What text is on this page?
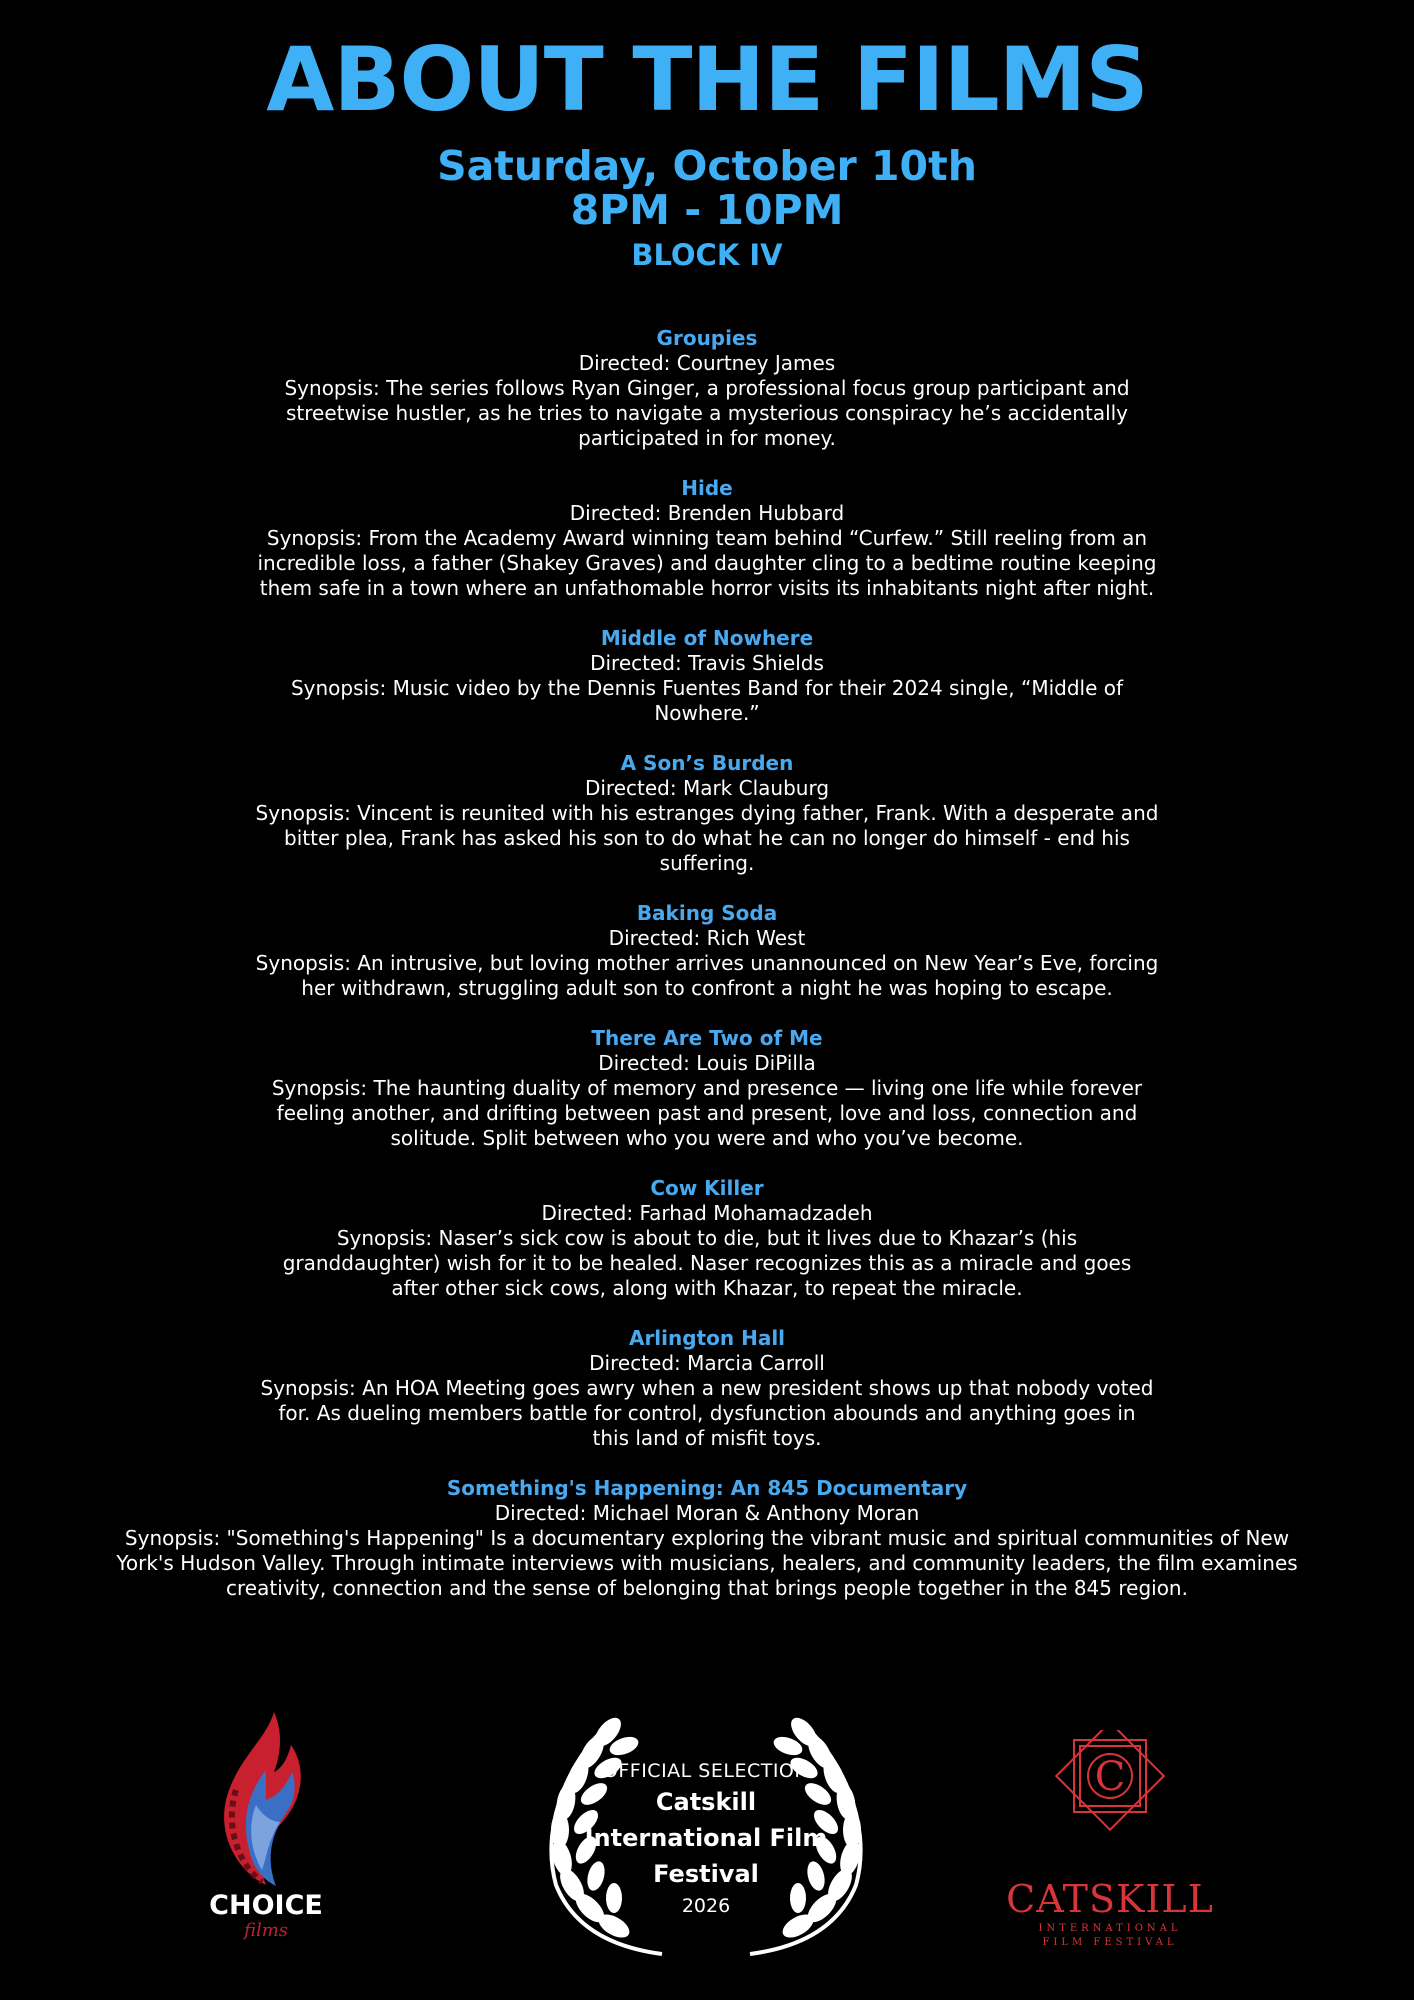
ABOUT THE FILMS
Saturday, October 10th
8PM - 10PM
BLOCK IV
Groupies
Directed: Courtney James
Synopsis: The series follows Ryan Ginger, a professional focus group participant and streetwise hustler, as he tries to navigate a mysterious conspiracy he’s accidentally participated in for money.
Hide
Directed: Brenden Hubbard
Synopsis: From the Academy Award winning team behind “Curfew.” Still reeling from an incredible loss, a father (Shakey Graves) and daughter cling to a bedtime routine keeping them safe in a town where an unfathomable horror visits its inhabitants night after night.
Middle of Nowhere
Directed: Travis Shields
Synopsis: Music video by the Dennis Fuentes Band for their 2024 single, “Middle of Nowhere.”
A Son’s Burden
Directed: Mark Clauburg
Synopsis: Vincent is reunited with his estranges dying father, Frank. With a desperate and bitter plea, Frank has asked his son to do what he can no longer do himself - end his suffering.
Baking Soda
Directed: Rich West
Synopsis: An intrusive, but loving mother arrives unannounced on New Year’s Eve, forcing her withdrawn, struggling adult son to confront a night he was hoping to escape.
There Are Two of Me
Directed: Louis DiPilla
Synopsis: The haunting duality of memory and presence — living one life while forever feeling another, and drifting between past and present, love and loss, connection and solitude. Split between who you were and who you’ve become.
Cow Killer
Directed: Farhad Mohamadzadeh
Synopsis: Naser’s sick cow is about to die, but it lives due to Khazar’s (his granddaughter) wish for it to be healed. Naser recognizes this as a miracle and goes after other sick cows, along with Khazar, to repeat the miracle.
Arlington Hall
Directed: Marcia Carroll
Synopsis: An HOA Meeting goes awry when a new president shows up that nobody voted for. As dueling members battle for control, dysfunction abounds and anything goes in this land of misfit toys.
Something's Happening: An 845 Documentary
Directed: Michael Moran & Anthony Moran
Synopsis: "Something's Happening" Is a documentary exploring the vibrant music and spiritual communities of New York's Hudson Valley. Through intimate interviews with musicians, healers, and community leaders, the film examines creativity, connection and the sense of belonging that brings people together in the 845 region.
CHOICE
films
OFFICIAL SELECTION
Catskill
International Film
Festival
2026
C
CATSKILL
INTERNATIONAL
FILM FESTIVAL
